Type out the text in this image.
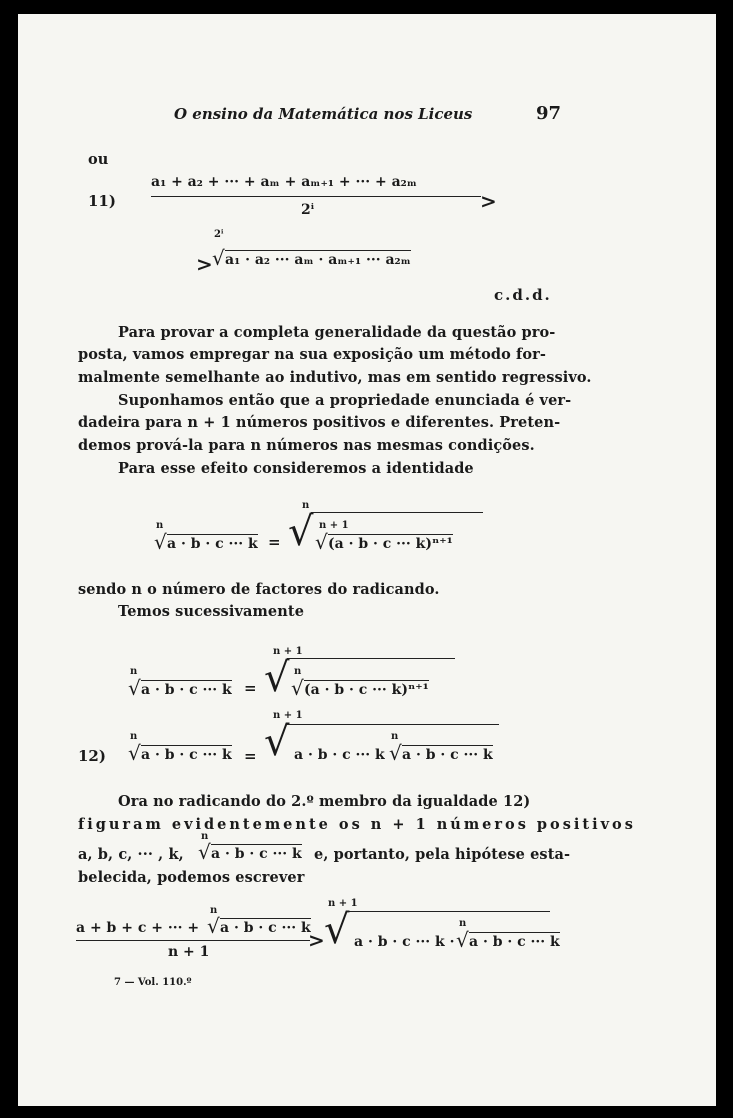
O ensino da Matemática nos Liceus	97
ou
11)
a₁ + a₂ + ··· + aₘ + aₘ₊₁ + ··· + a₂ₘ
2ⁱ	>
>
2ⁱ
√ a₁ · a₂ ··· aₘ · aₘ₊₁ ··· a₂ₘ
c.d.d.
Para provar a completa generalidade da questão pro-
posta, vamos empregar na sua exposição um método for-
malmente semelhante ao indutivo, mas em sentido regressivo.
Suponhamos então que a propriedade enunciada é ver-
dadeira para n + 1 números positivos e diferentes. Preten-
demos prová-la para n números nas mesmas condições.
Para esse efeito consideremos a identidade
n
√ a · b · c ··· k =
n
√ n + 1
√ (a · b · c ··· k)ⁿ⁺¹
sendo n o número de factores do radicando.
Temos sucessivamente
n
√ a · b · c ··· k =
n + 1
√ n
√ (a · b · c ··· k)ⁿ⁺¹
12)
n
√ a · b · c ··· k =
n + 1
√ a · b · c ··· k
n
√ a · b · c ··· k
Ora no radicando do 2.º membro da igualdade 12)
figuram evidentemente os n + 1 números positivos
a, b, c, ··· , k,
n
√ a · b · c ··· k e, portanto, pela hipótese esta-
belecida, podemos escrever
a + b + c + ··· +
n
√ a · b · c ··· k
n + 1	>
n + 1
√ a · b · c ··· k ·
n
√ a · b · c ··· k
7 — Vol. 110.º
